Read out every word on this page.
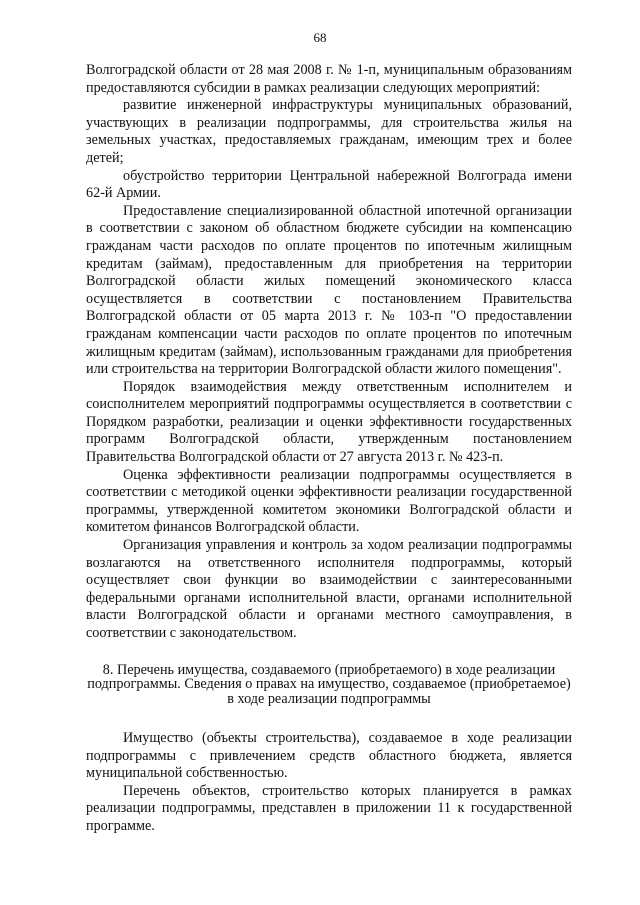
68

Волгоградской области от 28 мая 2008 г. № 1-п, муниципальным образованиям предоставляются субсидии в рамках реализации следующих мероприятий:

развитие инженерной инфраструктуры муниципальных образований, участвующих в реализации подпрограммы, для строительства жилья на земельных участках, предоставляемых гражданам, имеющим трех и более детей;

обустройство территории Центральной набережной Волгограда имени 62-й Армии.

Предоставление специализированной областной ипотечной организации в соответствии с законом об областном бюджете субсидии на компенсацию гражданам части расходов по оплате процентов по ипотечным жилищным кредитам (займам), предоставленным для приобретения на территории Волгоградской области жилых помещений экономического класса осуществляется в соответствии с постановлением Правительства Волгоградской области от 05 марта 2013 г. № 103-п "О предоставлении гражданам компенсации части расходов по оплате процентов по ипотечным жилищным кредитам (займам), использованным гражданами для приобретения или строительства на территории Волгоградской области жилого помещения".

Порядок взаимодействия между ответственным исполнителем и соисполнителем мероприятий подпрограммы осуществляется в соответствии с Порядком разработки, реализации и оценки эффективности государственных программ Волгоградской области, утвержденным постановлением Правительства Волгоградской области от 27 августа 2013 г. № 423-п.

Оценка эффективности реализации подпрограммы осуществляется в соответствии с методикой оценки эффективности реализации государственной программы, утвержденной комитетом экономики Волгоградской области и комитетом финансов Волгоградской области.

Организация управления и контроль за ходом реализации подпрограммы возлагаются на ответственного исполнителя подпрограммы, который осуществляет свои функции во взаимодействии с заинтересованными федеральными органами исполнительной власти, органами исполнительной власти Волгоградской области и органами местного самоуправления, в соответствии с законодательством.

8. Перечень имущества, создаваемого (приобретаемого) в ходе реализации подпрограммы. Сведения о правах на имущество, создаваемое (приобретаемое) в ходе реализации подпрограммы

Имущество (объекты строительства), создаваемое в ходе реализации подпрограммы с привлечением средств областного бюджета, является муниципальной собственностью.

Перечень объектов, строительство которых планируется в рамках реализации подпрограммы, представлен в приложении 11 к государственной программе.
